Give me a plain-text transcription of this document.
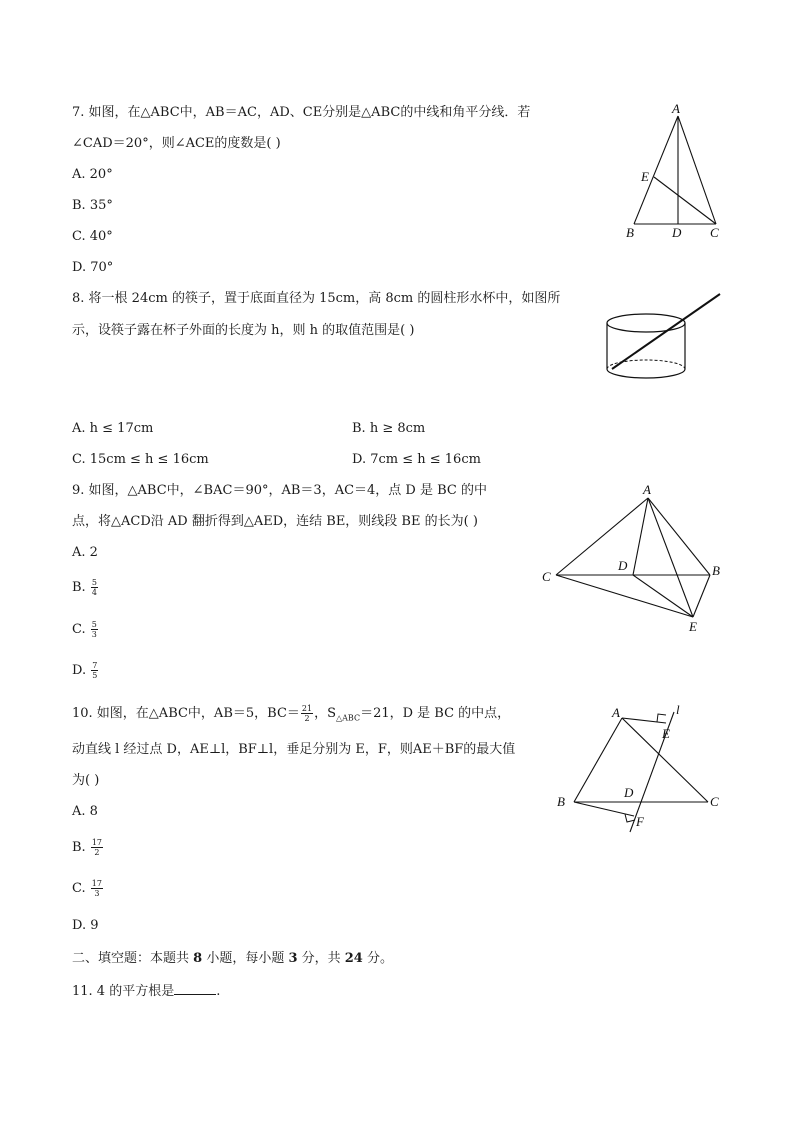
7. 如图，在△ABC中，AB＝AC，AD、CE分别是△ABC的中线和角平分线．若
∠CAD＝20°，则∠ACE的度数是( )
A. 20°
B. 35°
C. 40°
D. 70°
A
E
B	D C
8. 将一根 24cm 的筷子，置于底面直径为 15cm，高 8cm 的圆柱形水杯中，如图所
示，设筷子露在杯子外面的长度为 h，则 h 的取值范围是( )
A. h ≤ 17cm	B. h ≥ 8cm
C. 15cm ≤ h ≤ 16cm	D. 7cm ≤ h ≤ 16cm
9. 如图，△ABC中，∠BAC＝90°，AB＝3，AC＝4，点 D 是 BC 的中
点，将△ACD沿 AD 翻折得到△AED，连结 BE，则线段 BE 的长为( )
A. 2
B. $\frac{5}{4}$
C. $\frac{5}{3}$
D. $\frac{7}{5}$
A
C
D	B
E
10. 如图，在△ABC中，AB＝5，$BC= \frac{21}{2}$ ，$S_{\triangle ABC}=21$，D 是 BC 的中点，
动直线 l 经过点 D，AE⊥l，BF⊥l，垂足分别为 E，F，则AE＋BF的最大值
为( )
A. 8
B. $\frac{17}{2}$
C. $\frac{17}{3}$
D. 9
A	l
E
D
B	C
F
二、填空题：本题共 8 小题，每小题 3 分，共 24 分。
11. 4 的平方根是	.
